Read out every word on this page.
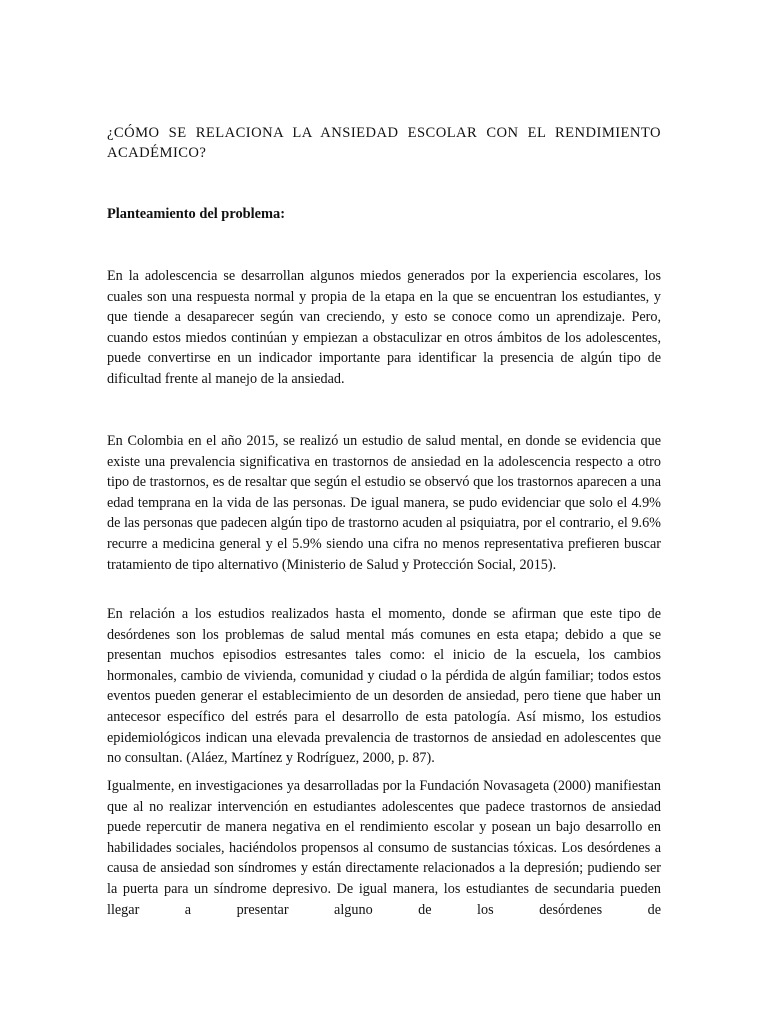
¿CÓMO SE RELACIONA LA ANSIEDAD ESCOLAR CON EL RENDIMIENTO ACADÉMICO?
Planteamiento del problema:

En la adolescencia se desarrollan algunos miedos generados por la experiencia escolares, los cuales son una respuesta normal y propia de la etapa en la que se encuentran los estudiantes, y que tiende a desaparecer según van creciendo, y esto se conoce como un aprendizaje. Pero, cuando estos miedos continúan y empiezan a obstaculizar en otros ámbitos de los adolescentes, puede convertirse en un indicador importante para identificar la presencia de algún tipo de dificultad frente al manejo de la ansiedad.

En Colombia en el año 2015, se realizó un estudio de salud mental, en donde se evidencia que existe una prevalencia significativa en trastornos de ansiedad en la adolescencia respecto a otro tipo de trastornos, es de resaltar que según el estudio se observó que los trastornos aparecen a una edad temprana en la vida de las personas. De igual manera, se pudo evidenciar que solo el 4.9% de las personas que padecen algún tipo de trastorno acuden al psiquiatra, por el contrario, el 9.6% recurre a medicina general y el 5.9% siendo una cifra no menos representativa prefieren buscar tratamiento de tipo alternativo (Ministerio de Salud y Protección Social, 2015).

En relación a los estudios realizados hasta el momento, donde se afirman que este tipo de desórdenes son los problemas de salud mental más comunes en esta etapa; debido a que se presentan muchos episodios estresantes tales como: el inicio de la escuela, los cambios hormonales, cambio de vivienda, comunidad y ciudad o la pérdida de algún familiar; todos estos eventos pueden generar el establecimiento de un desorden de ansiedad, pero tiene que haber un antecesor específico del estrés para el desarrollo de esta patología. Así mismo, los estudios epidemiológicos indican una elevada prevalencia de trastornos de ansiedad en adolescentes que no consultan. (Aláez, Martínez y Rodríguez, 2000, p. 87).

Igualmente, en investigaciones ya desarrolladas por la Fundación Novasageta (2000) manifiestan que al no realizar intervención en estudiantes adolescentes que padece trastornos de ansiedad puede repercutir de manera negativa en el rendimiento escolar y posean un bajo desarrollo en habilidades sociales, haciéndolos propensos al consumo de sustancias tóxicas. Los desórdenes a causa de ansiedad son síndromes y están directamente relacionados a la depresión; pudiendo ser la puerta para un síndrome depresivo. De igual manera, los estudiantes de secundaria pueden llegar a presentar alguno de los desórdenes de
